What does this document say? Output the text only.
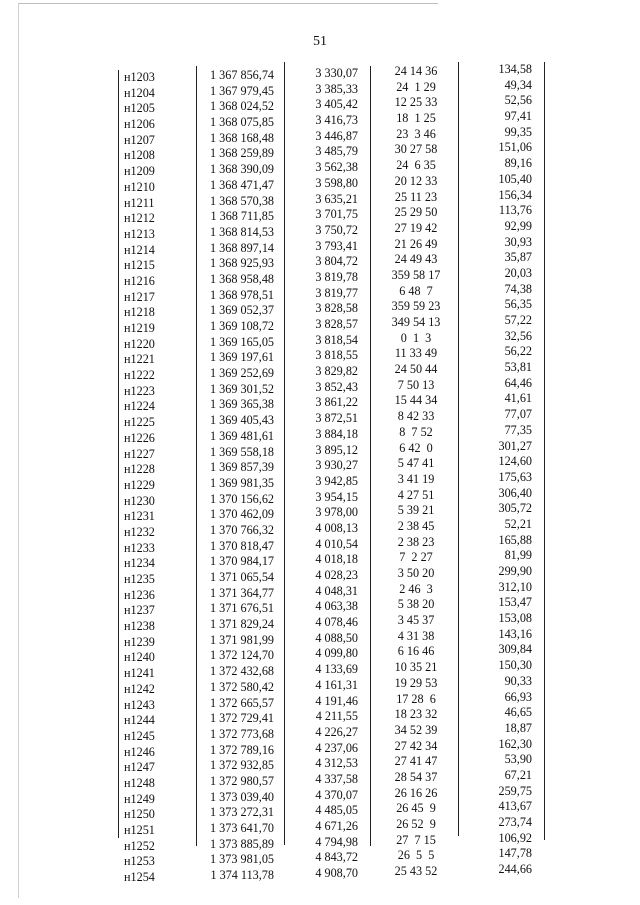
51
н1203
н1204
н1205
н1206
н1207
н1208
н1209
н1210
н1211
н1212
н1213
н1214
н1215
н1216
н1217
н1218
н1219
н1220
н1221
н1222
н1223
н1224
н1225
н1226
н1227
н1228
н1229
н1230
н1231
н1232
н1233
н1234
н1235
н1236
н1237
н1238
н1239
н1240
н1241
н1242
н1243
н1244
н1245
н1246
н1247
н1248
н1249
н1250
н1251
н1252
н1253
н1254
1 367 856,74
1 367 979,45
1 368 024,52
1 368 075,85
1 368 168,48
1 368 259,89
1 368 390,09
1 368 471,47
1 368 570,38
1 368 711,85
1 368 814,53
1 368 897,14
1 368 925,93
1 368 958,48
1 368 978,51
1 369 052,37
1 369 108,72
1 369 165,05
1 369 197,61
1 369 252,69
1 369 301,52
1 369 365,38
1 369 405,43
1 369 481,61
1 369 558,18
1 369 857,39
1 369 981,35
1 370 156,62
1 370 462,09
1 370 766,32
1 370 818,47
1 370 984,17
1 371 065,54
1 371 364,77
1 371 676,51
1 371 829,24
1 371 981,99
1 372 124,70
1 372 432,68
1 372 580,42
1 372 665,57
1 372 729,41
1 372 773,68
1 372 789,16
1 372 932,85
1 372 980,57
1 373 039,40
1 373 272,31
1 373 641,70
1 373 885,89
1 373 981,05
1 374 113,78
3 330,07
3 385,33
3 405,42
3 416,73
3 446,87
3 485,79
3 562,38
3 598,80
3 635,21
3 701,75
3 750,72
3 793,41
3 804,72
3 819,78
3 819,77
3 828,58
3 828,57
3 818,54
3 818,55
3 829,82
3 852,43
3 861,22
3 872,51
3 884,18
3 895,12
3 930,27
3 942,85
3 954,15
3 978,00
4 008,13
4 010,54
4 018,18
4 028,23
4 048,31
4 063,38
4 078,46
4 088,50
4 099,80
4 133,69
4 161,31
4 191,46
4 211,55
4 226,27
4 237,06
4 312,53
4 337,58
4 370,07
4 485,05
4 671,26
4 794,98
4 843,72
4 908,70
24 14 36
24  1 29
12 25 33
18  1 25
23  3 46
30 27 58
24  6 35
20 12 33
25 11 23
25 29 50
27 19 42
21 26 49
24 49 43
359 58 17
6 48  7
359 59 23
349 54 13
0  1  3
11 33 49
24 50 44
7 50 13
15 44 34
8 42 33
8  7 52
6 42  0
5 47 41
3 41 19
4 27 51
5 39 21
2 38 45
2 38 23
7  2 27
3 50 20
2 46  3
5 38 20
3 45 37
4 31 38
6 16 46
10 35 21
19 29 53
17 28  6
18 23 32
34 52 39
27 42 34
27 41 47
28 54 37
26 16 26
26 45  9
26 52  9
27  7 15
26  5  5
25 43 52
134,58
49,34
52,56
97,41
99,35
151,06
89,16
105,40
156,34
113,76
92,99
30,93
35,87
20,03
74,38
56,35
57,22
32,56
56,22
53,81
64,46
41,61
77,07
77,35
301,27
124,60
175,63
306,40
305,72
52,21
165,88
81,99
299,90
312,10
153,47
153,08
143,16
309,84
150,30
90,33
66,93
46,65
18,87
162,30
53,90
67,21
259,75
413,67
273,74
106,92
147,78
244,66
